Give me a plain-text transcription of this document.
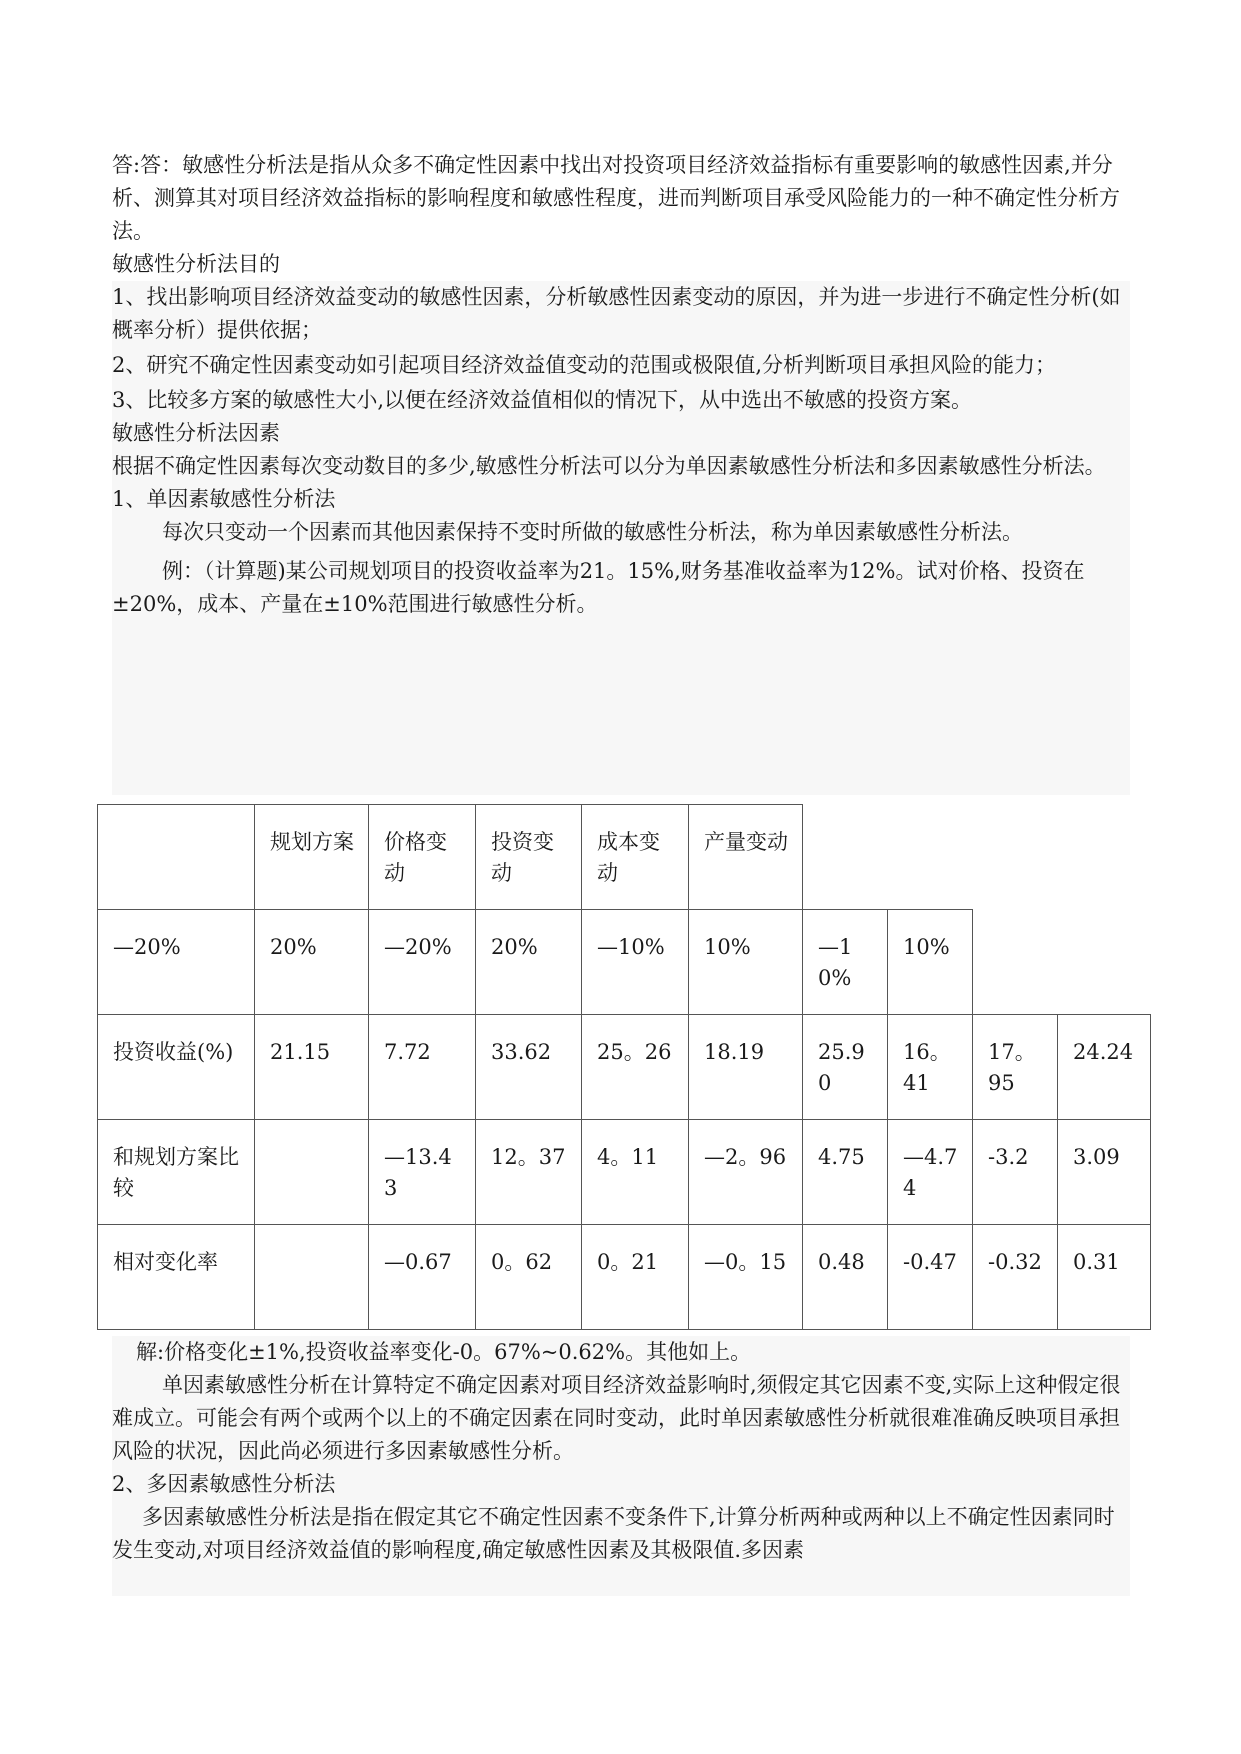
答:答：敏感性分析法是指从众多不确定性因素中找出对投资项目经济效益指标有重要影响的敏感性因素,并分析、测算其对项目经济效益指标的影响程度和敏感性程度，进而判断项目承受风险能力的一种不确定性分析方法。

敏感性分析法目的

1、找出影响项目经济效益变动的敏感性因素，分析敏感性因素变动的原因，并为进一步进行不确定性分析(如概率分析）提供依据；

2、研究不确定性因素变动如引起项目经济效益值变动的范围或极限值,分析判断项目承担风险的能力；

3、比较多方案的敏感性大小,以便在经济效益值相似的情况下，从中选出不敏感的投资方案。

敏感性分析法因素

根据不确定性因素每次变动数目的多少,敏感性分析法可以分为单因素敏感性分析法和多因素敏感性分析法。

1、单因素敏感性分析法

每次只变动一个因素而其他因素保持不变时所做的敏感性分析法，称为单因素敏感性分析法。

例：（计算题)某公司规划项目的投资收益率为21。15%,财务基准收益率为12%。试对价格、投资在±20%，成本、产量在±10%范围进行敏感性分析。

	规划方案	价格变动	投资变动	成本变动	产量变动				
—20%	20%	—20%	20%	—10%	10%	—10%	10%		
投资收益(%)	21.15	7.72	33.62	25。26	18.19	25.90	16。41	17。95	24.24
和规划方案比较		—13.43	12。37	4。11	—2。96	4.75	—4.74	-3.2	3.09
相对变化率		—0.67	0。62	0。21	—0。15	0.48	-0.47	-0.32	0.31

解:价格变化±1%,投资收益率变化-0。67%~0.62%。其他如上。

单因素敏感性分析在计算特定不确定因素对项目经济效益影响时,须假定其它因素不变,实际上这种假定很难成立。可能会有两个或两个以上的不确定因素在同时变动，此时单因素敏感性分析就很难准确反映项目承担风险的状况，因此尚必须进行多因素敏感性分析。

2、多因素敏感性分析法

多因素敏感性分析法是指在假定其它不确定性因素不变条件下,计算分析两种或两种以上不确定性因素同时发生变动,对项目经济效益值的影响程度,确定敏感性因素及其极限值.多因素
